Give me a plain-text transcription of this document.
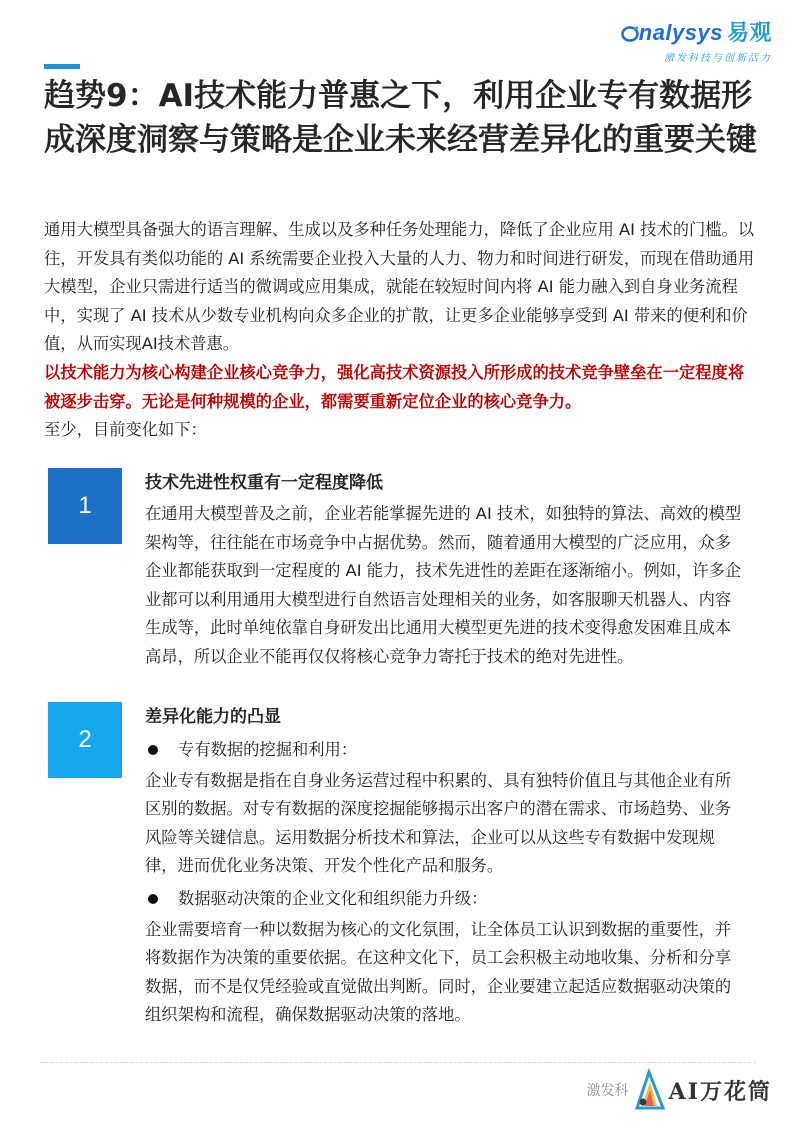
nalysys 易观
激发科技与创新活力
趋势9：AI技术能力普惠之下，利用企业专有数据形成深度洞察与策略是企业未来经营差异化的重要关键

通用大模型具备强大的语言理解、生成以及多种任务处理能力，降低了企业应用 AI 技术的门槛。以往，开发具有类似功能的 AI 系统需要企业投入大量的人力、物力和时间进行研发，而现在借助通用大模型，企业只需进行适当的微调或应用集成，就能在较短时间内将 AI 能力融入到自身业务流程中，实现了 AI 技术从少数专业机构向众多企业的扩散，让更多企业能够享受到 AI 带来的便利和价值，从而实现AI技术普惠。

以技术能力为核心构建企业核心竞争力，强化高技术资源投入所形成的技术竞争壁垒在一定程度将被逐步击穿。无论是何种规模的企业，都需要重新定位企业的核心竞争力。

至少，目前变化如下：

1

技术先进性权重有一定程度降低

在通用大模型普及之前，企业若能掌握先进的 AI 技术，如独特的算法、高效的模型架构等，往往能在市场竞争中占据优势。然而，随着通用大模型的广泛应用，众多企业都能获取到一定程度的 AI 能力，技术先进性的差距在逐渐缩小。例如，许多企业都可以利用通用大模型进行自然语言处理相关的业务，如客服聊天机器人、内容生成等，此时单纯依靠自身研发出比通用大模型更先进的技术变得愈发困难且成本高昂，所以企业不能再仅仅将核心竞争力寄托于技术的绝对先进性。

2

差异化能力的凸显

专有数据的挖掘和利用：

企业专有数据是指在自身业务运营过程中积累的、具有独特价值且与其他企业有所区别的数据。对专有数据的深度挖掘能够揭示出客户的潜在需求、市场趋势、业务风险等关键信息。运用数据分析技术和算法，企业可以从这些专有数据中发现规律，进而优化业务决策、开发个性化产品和服务。

数据驱动决策的企业文化和组织能力升级：

企业需要培育一种以数据为核心的文化氛围，让全体员工认识到数据的重要性，并将数据作为决策的重要依据。在这种文化下，员工会积极主动地收集、分析和分享数据，而不是仅凭经验或直觉做出判断。同时，企业要建立起适应数据驱动决策的组织架构和流程，确保数据驱动决策的落地。

激发科 AI万花筒
